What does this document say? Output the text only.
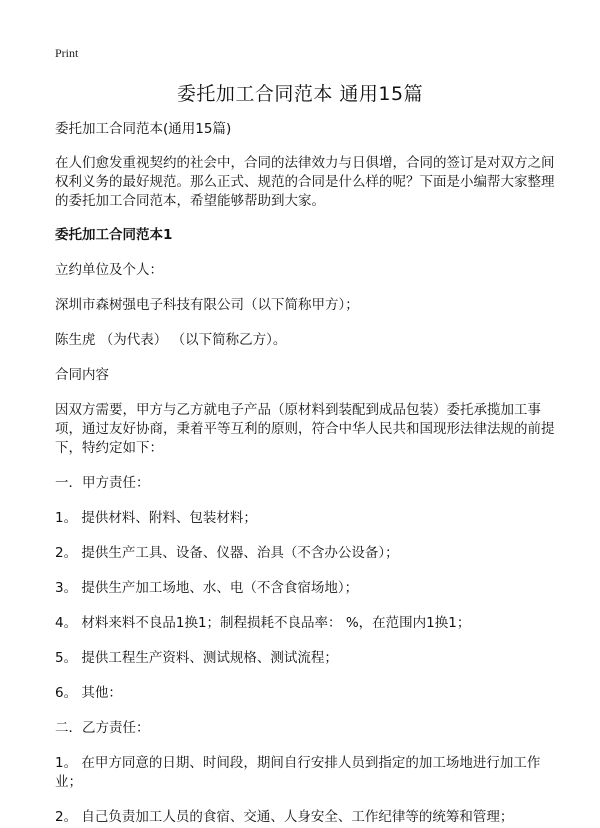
Print
委托加工合同范本 通用15篇

委托加工合同范本(通用15篇)

在人们愈发重视契约的社会中，合同的法律效力与日俱增，合同的签订是对双方之间权利义务的最好规范。那么正式、规范的合同是什么样的呢？下面是小编帮大家整理的委托加工合同范本，希望能够帮助到大家。

委托加工合同范本1

立约单位及个人：

深圳市森树强电子科技有限公司（以下简称甲方）；

陈生虎 （为代表） （以下简称乙方）。

合同内容

因双方需要，甲方与乙方就电子产品（原材料到装配到成品包装）委托承揽加工事项，通过友好协商，秉着平等互利的原则，符合中华人民共和国现形法律法规的前提下，特约定如下：

一．甲方责任：

1。 提供材料、附料、包装材料；

2。 提供生产工具、设备、仪器、治具（不含办公设备）；

3。 提供生产加工场地、水、电（不含食宿场地）；

4。 材料来料不良品1换1；制程损耗不良品率： %，在范围内1换1；

5。 提供工程生产资料、测试规格、测试流程；

6。 其他：

二．乙方责任：

1。 在甲方同意的日期、时间段，期间自行安排人员到指定的加工场地进行加工作业；

2。 自己负责加工人员的食宿、交通、人身安全、工作纪律等的统筹和管理；
